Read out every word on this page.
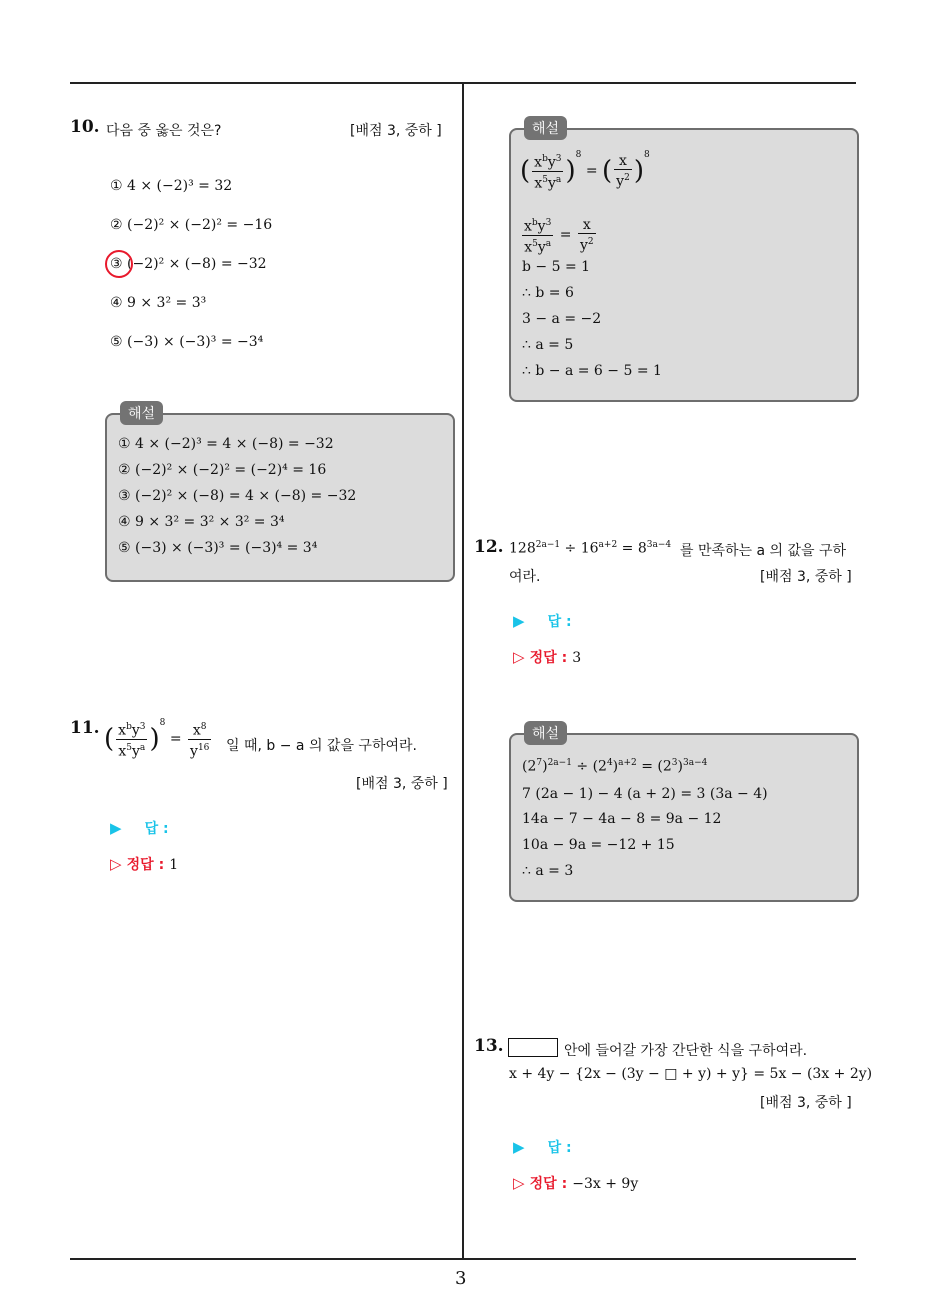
10. 다음 중 옳은 것은?	[배점 3, 중하 ]
① 4 × (−2)³ = 32
② (−2)² × (−2)² = −16
③ (−2)² × (−8) = −32
④ 9 × 3² = 3³
⑤ (−3) × (−3)³ = −3⁴
해설
① 4 × (−2)³ = 4 × (−8) = −32
② (−2)² × (−2)² = (−2)⁴ = 16
③ (−2)² × (−8) = 4 × (−8) = −32
④ 9 × 3² = 3² × 3² = 3⁴
⑤ (−3) × (−3)³ = (−3)⁴ = 3⁴
11. ( $\frac{x^by^3}{x^5y^a} )^8 = \frac{x^8}{y^{16}}$ 일 때, b − a 의 값을 구하여라.
[배점 3, 중하 ]
▶ 답 :
▷ 정답 : 1
해설
( $\frac{x^by^3}{x^5y^a} )^8$ = ( $\frac{x}{y^2} )^8$
$\frac{x^by^3}{x^5y^a} = \frac{x}{y^2}$
b − 5 = 1
∴ b = 6
3 − a = −2
∴ a = 5
∴ b − a = 6 − 5 = 1
12. $128^{2a-1} \div 16^{a+2} = 8^{3a-4}$ 를 만족하는 a 의 값을 구하
여라.	[배점 3, 중하 ]
▶ 답 :
▷ 정답 : 3
해설
$(2^7)^{2a-1} \div (2^4)^{a+2} = (2^3)^{3a-4}$
7 (2a − 1) − 4 (a + 2) = 3 (3a − 4)
14a − 7 − 4a − 8 = 9a − 12
10a − 9a = −12 + 15
∴ a = 3
13.	안에 들어갈 가장 간단한 식을 구하여라.
x + 4y − {2x − (3y − □ + y) + y} = 5x − (3x + 2y)
[배점 3, 중하 ]
▶ 답 :
▷ 정답 : −3x + 9y
3
